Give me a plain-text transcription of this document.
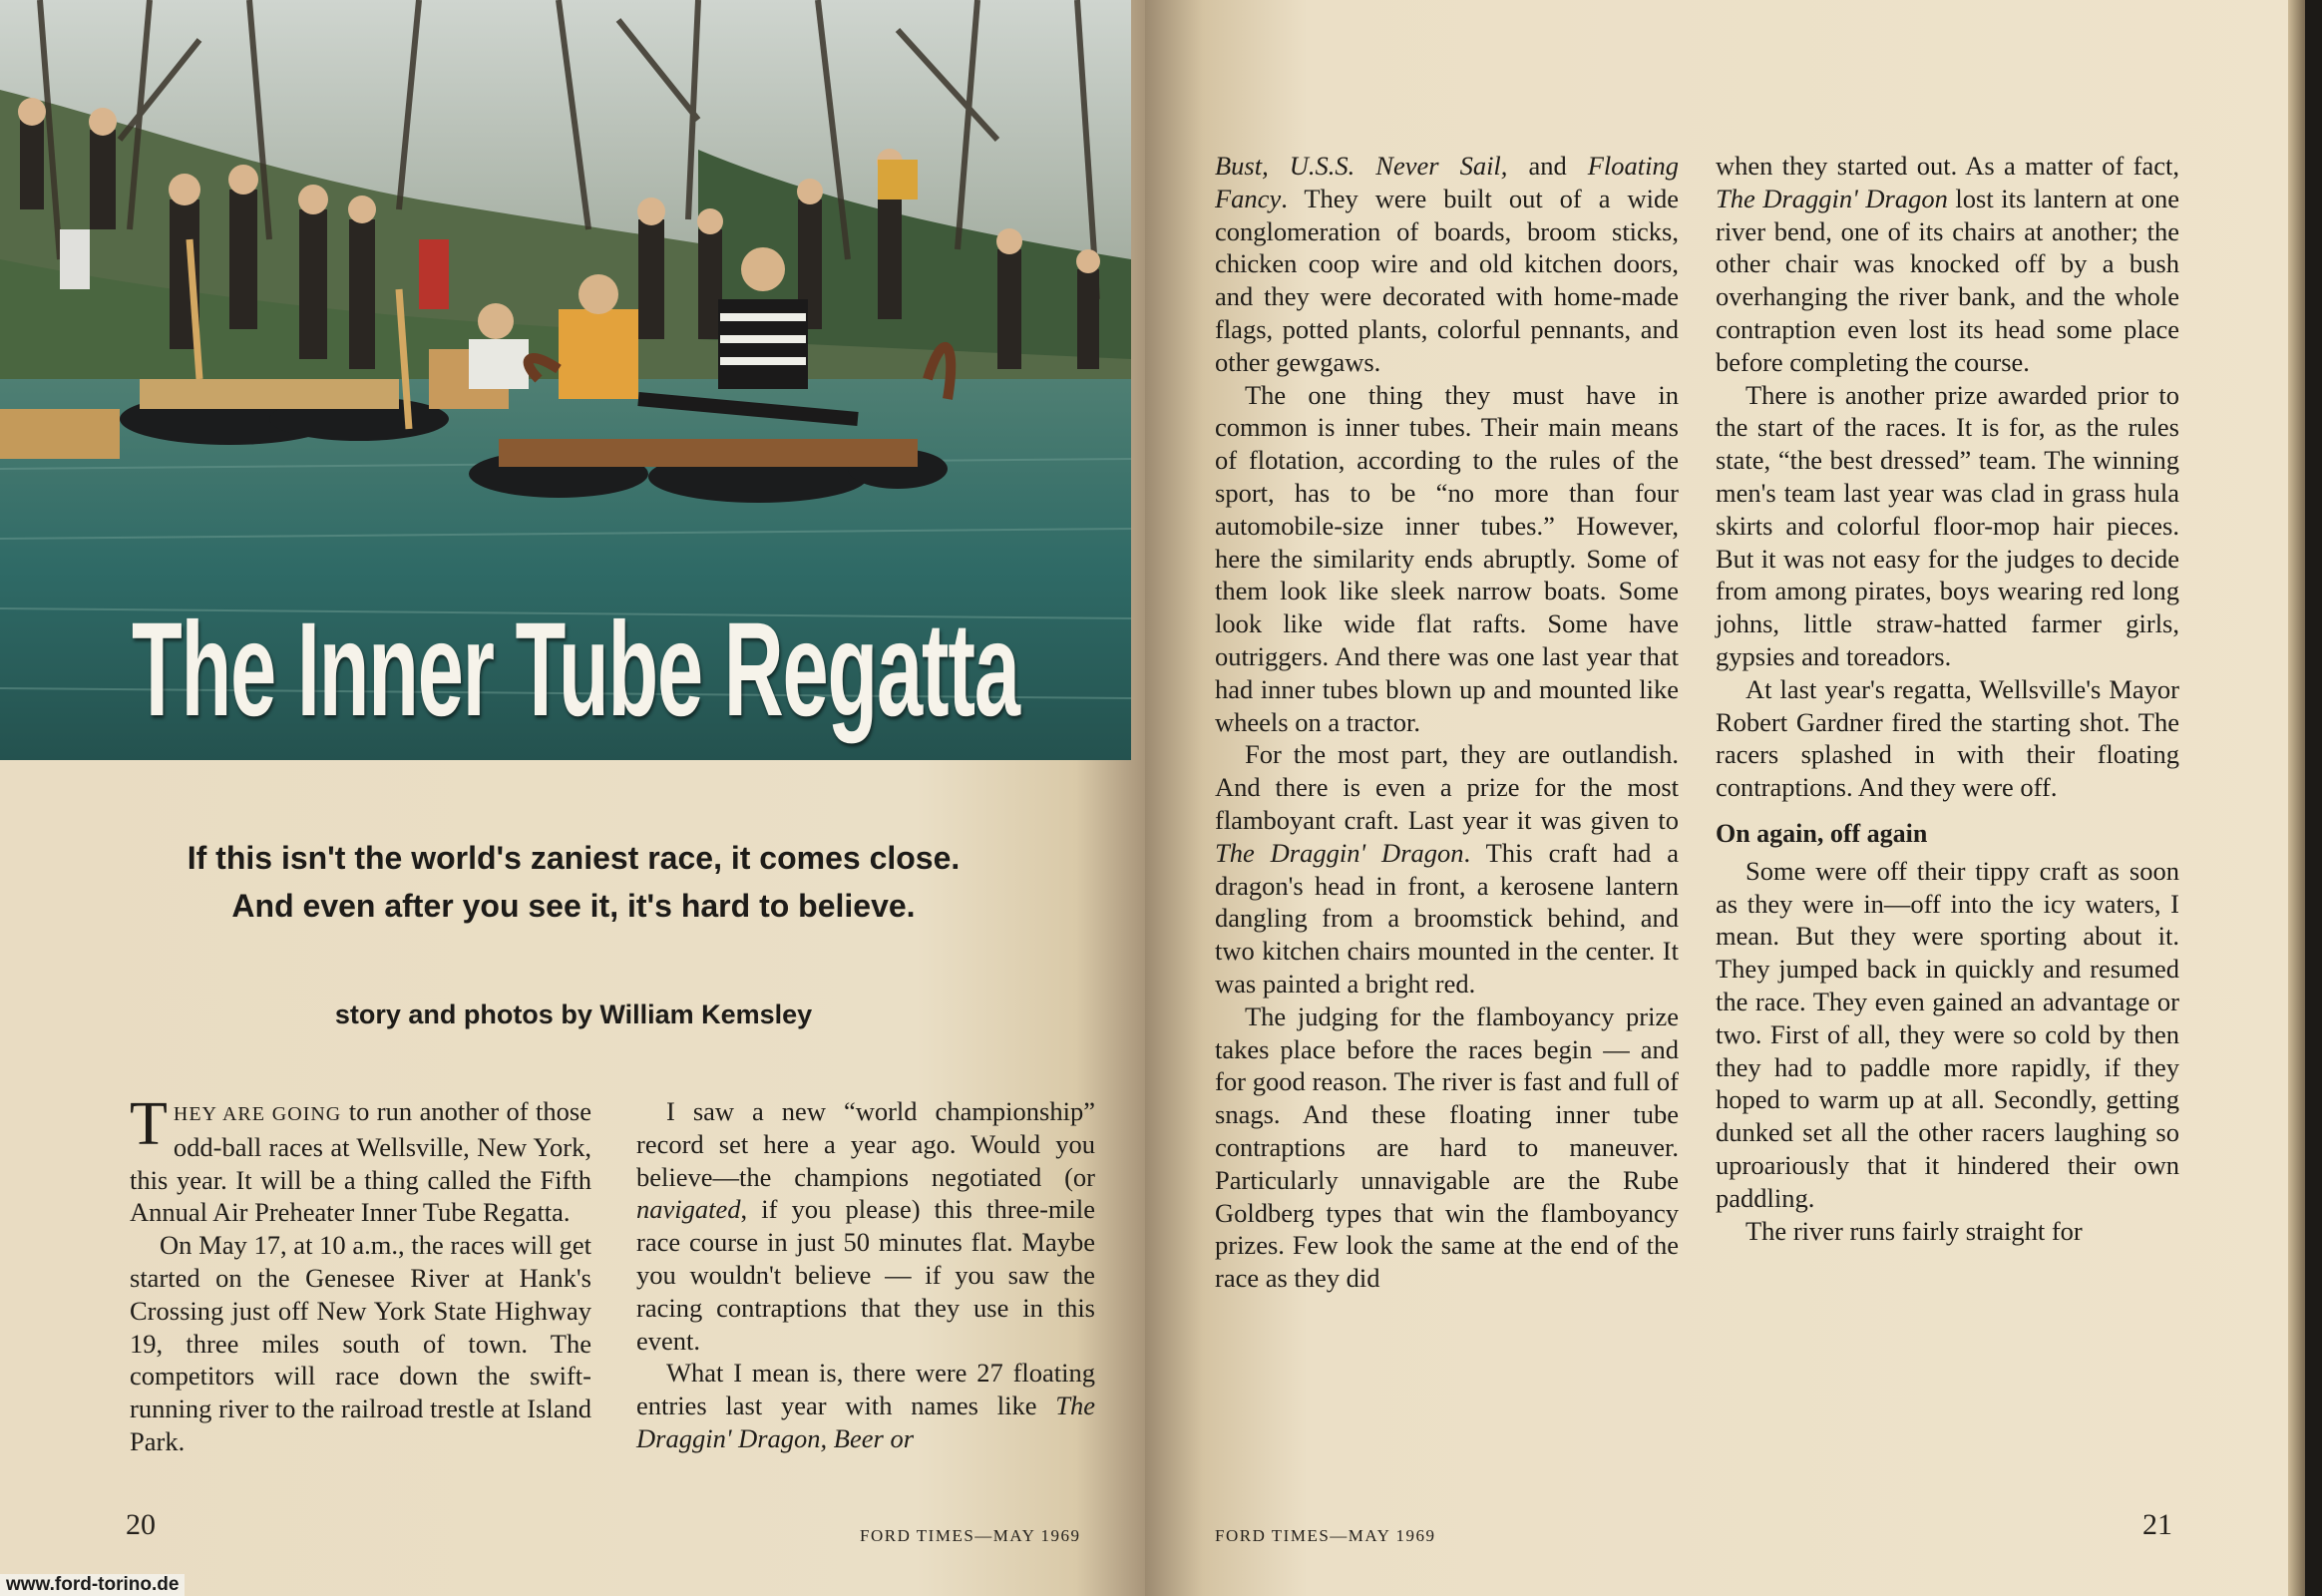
The Inner Tube Regatta
If this isn't the world's zaniest race, it comes close.
And even after you see it, it's hard to believe.
story and photos by William Kemsley

THEY ARE GOING to run another of those odd-ball races at Wellsville, New York, this year. It will be a thing called the Fifth Annual Air Preheater Inner Tube Regatta.

On May 17, at 10 a.m., the races will get started on the Genesee River at Hank's Crossing just off New York State Highway 19, three miles south of town. The competitors will race down the swift-running river to the railroad trestle at Island Park.

I saw a new “world championship” record set here a year ago. Would you believe—the champions negotiated (or navigated, if you please) this three-mile race course in just 50 minutes flat. Maybe you wouldn't believe — if you saw the racing contraptions that they use in this event.

What I mean is, there were 27 floating entries last year with names like The Draggin' Dragon, Beer or

20	FORD TIMES—MAY 1969
www.ford-torino.de

Bust, U.S.S. Never Sail, and Floating Fancy. They were built out of a wide conglomeration of boards, broom sticks, chicken coop wire and old kitchen doors, and they were decorated with home-made flags, potted plants, colorful pennants, and other gewgaws.

The one thing they must have in common is inner tubes. Their main means of flotation, according to the rules of the sport, has to be “no more than four automobile-size inner tubes.” However, here the similarity ends abruptly. Some of them look like sleek narrow boats. Some look like wide flat rafts. Some have outriggers. And there was one last year that had inner tubes blown up and mounted like wheels on a tractor.

For the most part, they are outlandish. And there is even a prize for the most flamboyant craft. Last year it was given to The Draggin' Dragon. This craft had a dragon's head in front, a kerosene lantern dangling from a broomstick behind, and two kitchen chairs mounted in the center. It was painted a bright red.

The judging for the flamboyancy prize takes place before the races begin — and for good reason. The river is fast and full of snags. And these floating inner tube contraptions are hard to maneuver. Particularly unnavigable are the Rube Goldberg types that win the flamboyancy prizes. Few look the same at the end of the race as they did

when they started out. As a matter of fact, The Draggin' Dragon lost its lantern at one river bend, one of its chairs at another; the other chair was knocked off by a bush overhanging the river bank, and the whole contraption even lost its head some place before completing the course.

There is another prize awarded prior to the start of the races. It is for, as the rules state, “the best dressed” team. The winning men's team last year was clad in grass hula skirts and colorful floor-mop hair pieces. But it was not easy for the judges to decide from among pirates, boys wearing red long johns, little straw-hatted farmer girls, gypsies and toreadors.

At last year's regatta, Wellsville's Mayor Robert Gardner fired the starting shot. The racers splashed in with their floating contraptions. And they were off.

On again, off again

Some were off their tippy craft as soon as they were in—off into the icy waters, I mean. But they were sporting about it. They jumped back in quickly and resumed the race. They even gained an advantage or two. First of all, they were so cold by then they had to paddle more rapidly, if they hoped to warm up at all. Secondly, getting dunked set all the other racers laughing so uproariously that it hindered their own paddling.

The river runs fairly straight for

FORD TIMES—MAY 1969	21
